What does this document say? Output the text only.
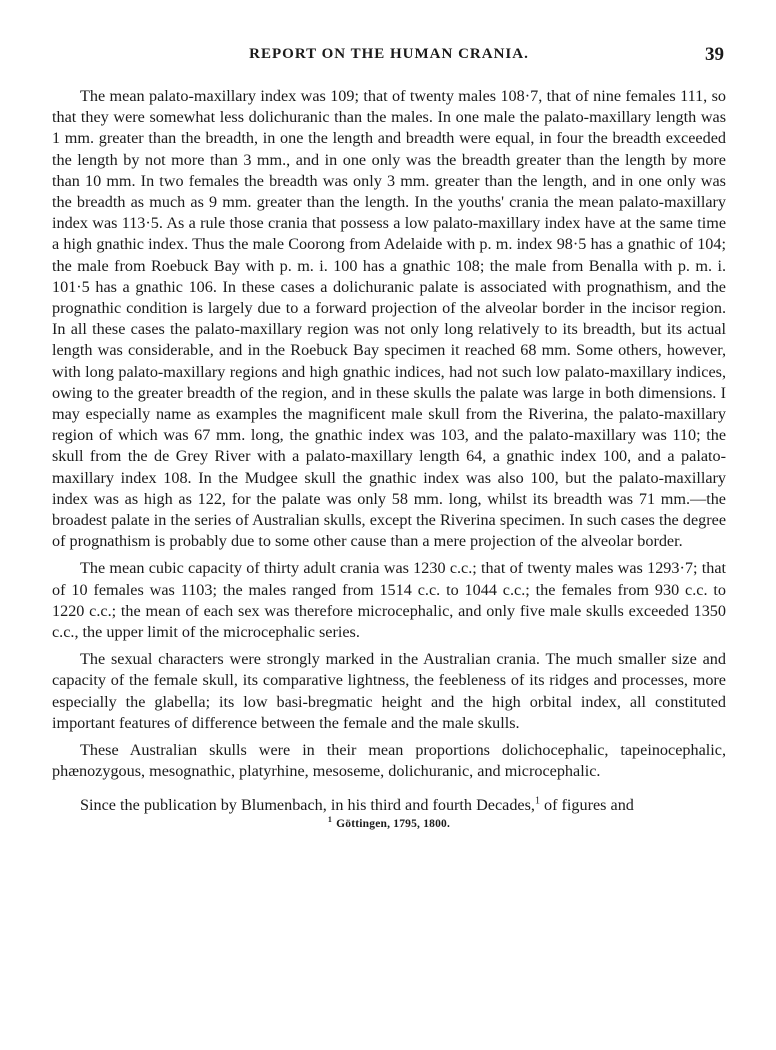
REPORT ON THE HUMAN CRANIA.	39

The mean palato-maxillary index was 109; that of twenty males 108·7, that of nine females 111, so that they were somewhat less dolichuranic than the males. In one male the palato-maxillary length was 1 mm. greater than the breadth, in one the length and breadth were equal, in four the breadth exceeded the length by not more than 3 mm., and in one only was the breadth greater than the length by more than 10 mm. In two females the breadth was only 3 mm. greater than the length, and in one only was the breadth as much as 9 mm. greater than the length. In the youths' crania the mean palato-maxillary index was 113·5. As a rule those crania that possess a low palato-maxillary index have at the same time a high gnathic index. Thus the male Coorong from Adelaide with p. m. index 98·5 has a gnathic of 104; the male from Roebuck Bay with p. m. i. 100 has a gnathic 108; the male from Benalla with p. m. i. 101·5 has a gnathic 106. In these cases a dolichuranic palate is associated with prognathism, and the prognathic condition is largely due to a forward projection of the alveolar border in the incisor region. In all these cases the palato-maxillary region was not only long relatively to its breadth, but its actual length was considerable, and in the Roebuck Bay specimen it reached 68 mm. Some others, however, with long palato-maxillary regions and high gnathic indices, had not such low palato-maxillary indices, owing to the greater breadth of the region, and in these skulls the palate was large in both dimensions. I may especially name as examples the magnificent male skull from the Riverina, the palato-maxillary region of which was 67 mm. long, the gnathic index was 103, and the palato-maxillary was 110; the skull from the de Grey River with a palato-maxillary length 64, a gnathic index 100, and a palato-maxillary index 108. In the Mudgee skull the gnathic index was also 100, but the palato-maxillary index was as high as 122, for the palate was only 58 mm. long, whilst its breadth was 71 mm.—the broadest palate in the series of Australian skulls, except the Riverina specimen. In such cases the degree of prognathism is probably due to some other cause than a mere projection of the alveolar border.

The mean cubic capacity of thirty adult crania was 1230 c.c.; that of twenty males was 1293·7; that of 10 females was 1103; the males ranged from 1514 c.c. to 1044 c.c.; the females from 930 c.c. to 1220 c.c.; the mean of each sex was therefore microcephalic, and only five male skulls exceeded 1350 c.c., the upper limit of the microcephalic series.

The sexual characters were strongly marked in the Australian crania. The much smaller size and capacity of the female skull, its comparative lightness, the feebleness of its ridges and processes, more especially the glabella; its low basi-bregmatic height and the high orbital index, all constituted important features of difference between the female and the male skulls.

These Australian skulls were in their mean proportions dolichocephalic, tapeinocephalic, phænozygous, mesognathic, platyrhine, mesoseme, dolichuranic, and microcephalic.

Since the publication by Blumenbach, in his third and fourth Decades,$^1$ of figures and

$^1$ Göttingen, 1795, 1800.
